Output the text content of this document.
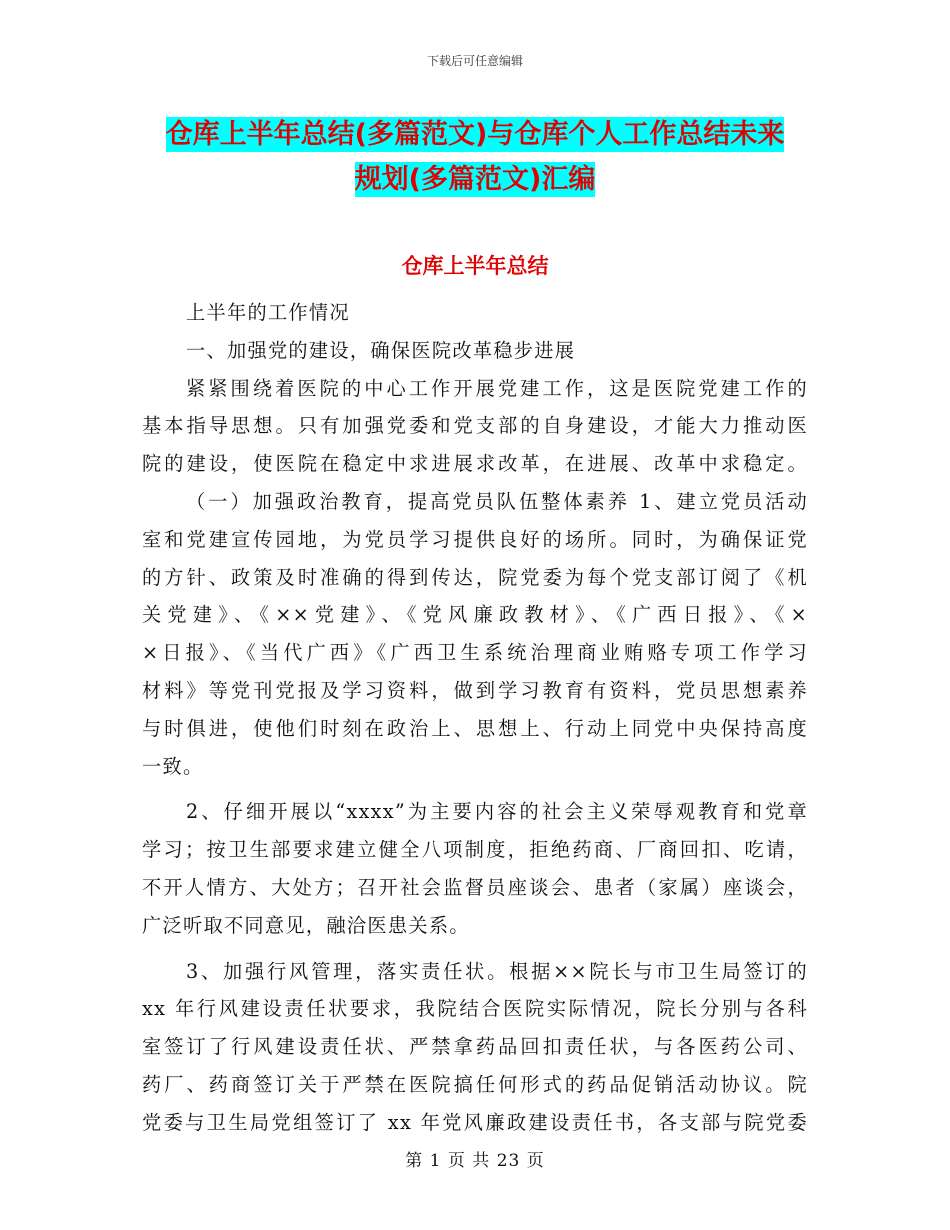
下载后可任意编辑
仓库上半年总结(多篇范文)与仓库个人工作总结未来
规划(多篇范文)汇编
仓库上半年总结
上半年的工作情况
一、加强党的建设，确保医院改革稳步进展
紧紧围绕着医院的中心工作开展党建工作，这是医院党建工作的
基本指导思想。只有加强党委和党支部的自身建设，才能大力推动医
院的建设，使医院在稳定中求进展求改革，在进展、改革中求稳定。
（一）加强政治教育，提高党员队伍整体素养 1、建立党员活动
室和党建宣传园地，为党员学习提供良好的场所。同时，为确保证党
的方针、政策及时准确的得到传达，院党委为每个党支部订阅了《机
关党建》、《××党建》、《党风廉政教材》、《广西日报》、《×
×日报》、《当代广西》《广西卫生系统治理商业贿赂专项工作学习
材料》等党刊党报及学习资料，做到学习教育有资料，党员思想素养
与时俱进，使他们时刻在政治上、思想上、行动上同党中央保持高度
一致。
2、仔细开展以“xxxx”为主要内容的社会主义荣辱观教育和党章
学习；按卫生部要求建立健全八项制度，拒绝药商、厂商回扣、吃请，
不开人情方、大处方；召开社会监督员座谈会、患者（家属）座谈会，
广泛听取不同意见，融洽医患关系。
3、加强行风管理，落实责任状。根据××院长与市卫生局签订的
xx 年行风建设责任状要求，我院结合医院实际情况，院长分别与各科
室签订了行风建设责任状、严禁拿药品回扣责任状，与各医药公司、
药厂、药商签订关于严禁在医院搞任何形式的药品促销活动协议。院
党委与卫生局党组签订了 xx 年党风廉政建设责任书，各支部与院党委
第 1 页 共 23 页
